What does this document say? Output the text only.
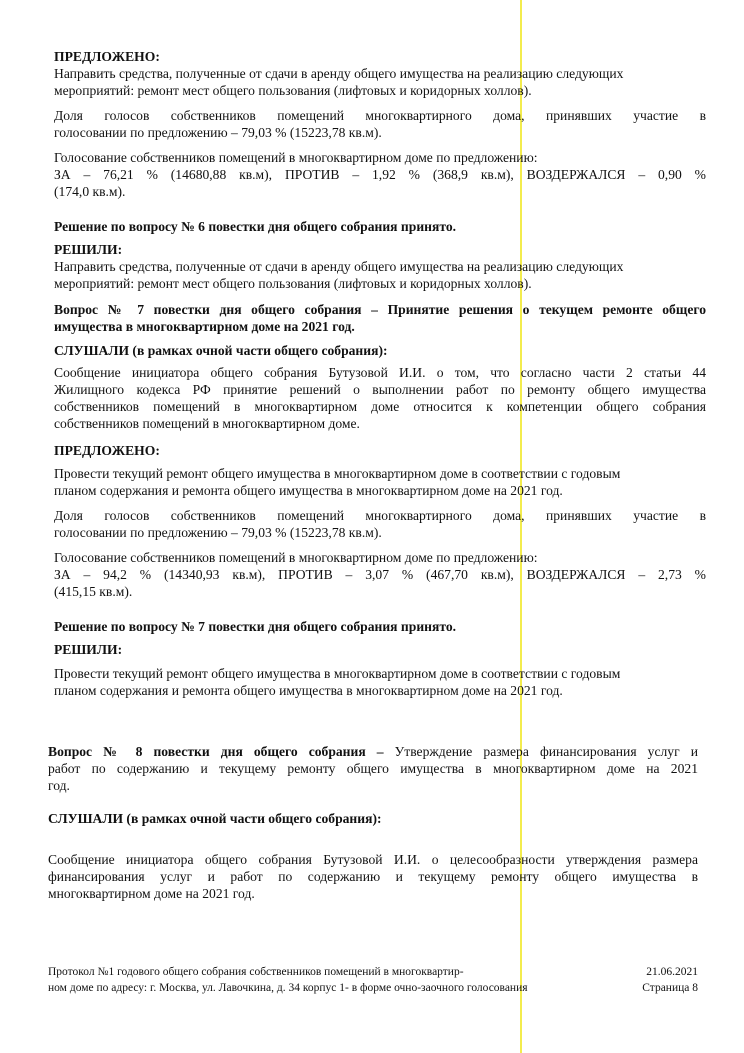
ПРЕДЛОЖЕНО:
Направить средства, полученные от сдачи в аренду общего имущества на реализацию следующих
мероприятий: ремонт мест общего пользования (лифтовых и коридорных холлов).
Доля голосов собственников помещений многоквартирного дома, принявших участие в
голосовании по предложению – 79,03 % (15223,78 кв.м).
Голосование собственников помещений в многоквартирном доме по предложению:
ЗА – 76,21 % (14680,88 кв.м), ПРОТИВ – 1,92 % (368,9 кв.м), ВОЗДЕРЖАЛСЯ – 0,90 %
(174,0 кв.м).
Решение по вопросу № 6 повестки дня общего собрания принято.
РЕШИЛИ:
Направить средства, полученные от сдачи в аренду общего имущества на реализацию следующих
мероприятий: ремонт мест общего пользования (лифтовых и коридорных холлов).
Вопрос № 7 повестки дня общего собрания – Принятие решения о текущем ремонте общего
имущества в многоквартирном доме на 2021 год.
СЛУШАЛИ (в рамках очной части общего собрания):
Сообщение инициатора общего собрания Бутузовой И.И. о том, что согласно части 2 статьи 44
Жилищного кодекса РФ принятие решений о выполнении работ по ремонту общего имущества
собственников помещений в многоквартирном доме относится к компетенции общего собрания
собственников помещений в многоквартирном доме.
ПРЕДЛОЖЕНО:
Провести текущий ремонт общего имущества в многоквартирном доме в соответствии с годовым
планом содержания и ремонта общего имущества в многоквартирном доме на 2021 год.
Доля голосов собственников помещений многоквартирного дома, принявших участие в
голосовании по предложению – 79,03 % (15223,78 кв.м).
Голосование собственников помещений в многоквартирном доме по предложению:
ЗА – 94,2 % (14340,93 кв.м), ПРОТИВ – 3,07 % (467,70 кв.м), ВОЗДЕРЖАЛСЯ – 2,73 %
(415,15 кв.м).
Решение по вопросу № 7 повестки дня общего собрания принято.
РЕШИЛИ:
Провести текущий ремонт общего имущества в многоквартирном доме в соответствии с годовым
планом содержания и ремонта общего имущества в многоквартирном доме на 2021 год.
Вопрос № 8 повестки дня общего собрания – Утверждение размера финансирования услуг и
работ по содержанию и текущему ремонту общего имущества в многоквартирном доме на 2021
год.
СЛУШАЛИ (в рамках очной части общего собрания):
Сообщение инициатора общего собрания Бутузовой И.И. о целесообразности утверждения размера
финансирования услуг и работ по содержанию и текущему ремонту общего имущества в
многоквартирном доме на 2021 год.
Протокол №1 годового общего собрания собственников помещений в многоквартир-
ном доме по адресу: г. Москва, ул. Лавочкина, д. 34 корпус 1- в форме очно-заочного голосования
21.06.2021
Страница 8
